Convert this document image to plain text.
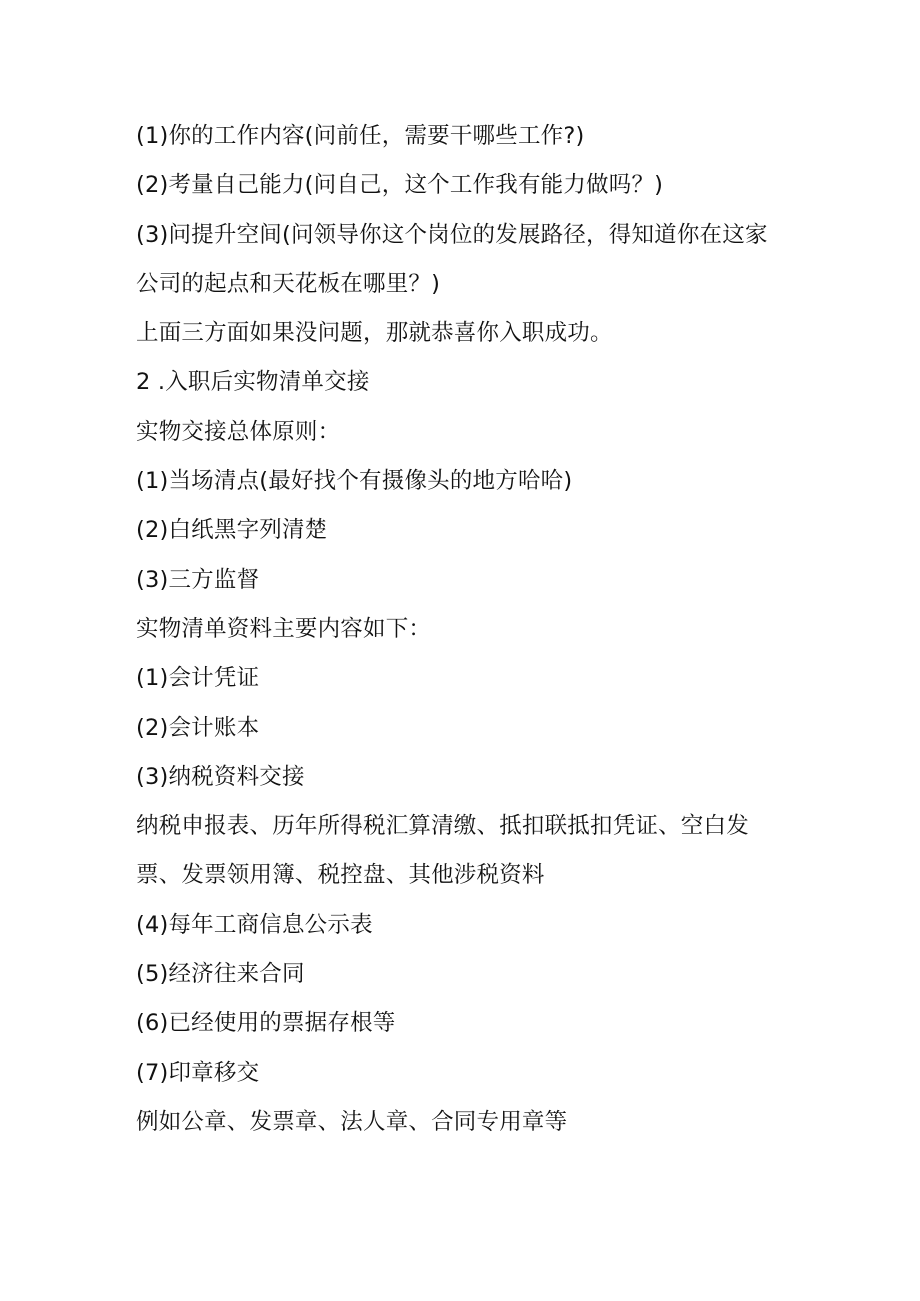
(1)你的工作内容(问前任，需要干哪些工作?)
(2)考量自己能力(问自己，这个工作我有能力做吗？)
(3)问提升空间(问领导你这个岗位的发展路径，得知道你在这家
公司的起点和天花板在哪里？)
上面三方面如果没问题，那就恭喜你入职成功。
2 .入职后实物清单交接
实物交接总体原则：
(1)当场清点(最好找个有摄像头的地方哈哈)
(2)白纸黑字列清楚
(3)三方监督
实物清单资料主要内容如下：
(1)会计凭证
(2)会计账本
(3)纳税资料交接
纳税申报表、历年所得税汇算清缴、抵扣联抵扣凭证、空白发
票、发票领用簿、税控盘、其他涉税资料
(4)每年工商信息公示表
(5)经济往来合同
(6)已经使用的票据存根等
(7)印章移交
例如公章、发票章、法人章、合同专用章等
